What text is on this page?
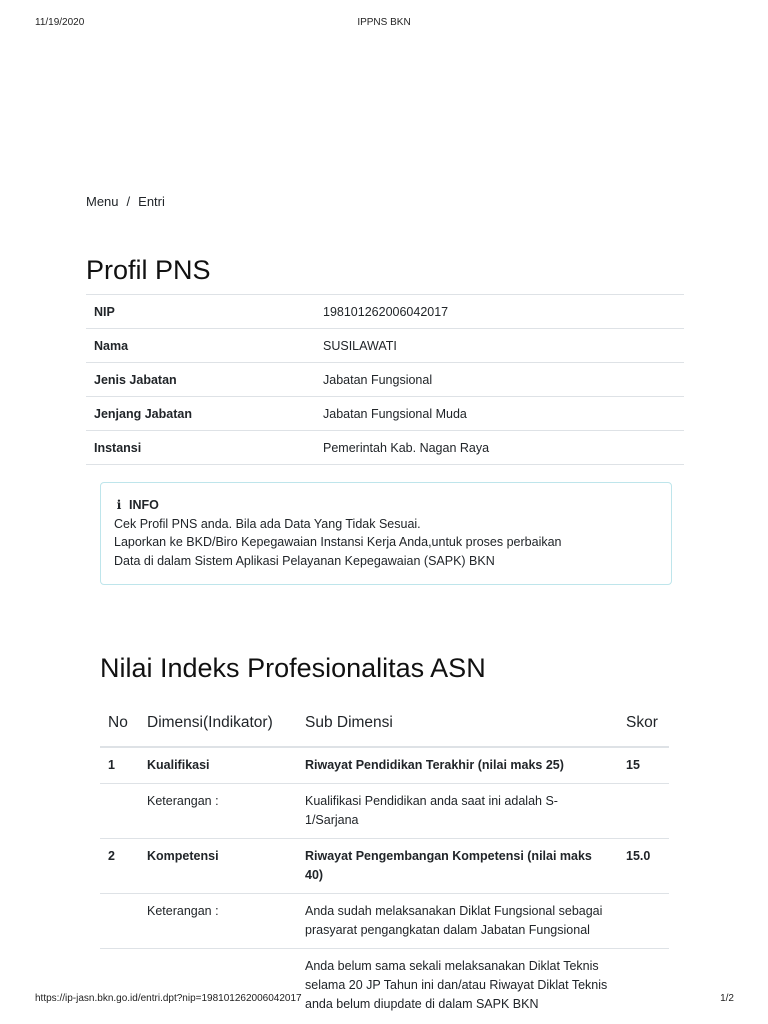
11/19/2020	IPPNS BKN
Menu / Entri
Profil PNS
NIP	198101262006042017
Nama	SUSILAWATI
Jenis Jabatan	Jabatan Fungsional
Jenjang Jabatan	Jabatan Fungsional Muda
Instansi	Pemerintah Kab. Nagan Raya
i INFO
Cek Profil PNS anda. Bila ada Data Yang Tidak Sesuai.
Laporkan ke BKD/Biro Kepegawaian Instansi Kerja Anda,untuk proses perbaikan
Data di dalam Sistem Aplikasi Pelayanan Kepegawaian (SAPK) BKN
Nilai Indeks Profesionalitas ASN
No	Dimensi(Indikator)	Sub Dimensi	Skor
1	Kualifikasi	Riwayat Pendidikan Terakhir (nilai maks 25)	15
	Keterangan :	Kualifikasi Pendidikan anda saat ini adalah S-1/Sarjana	
2	Kompetensi	Riwayat Pengembangan Kompetensi (nilai maks 40)	15.0
	Keterangan :	Anda sudah melaksanakan Diklat Fungsional sebagai prasyarat pengangkatan dalam Jabatan Fungsional	
		Anda belum sama sekali melaksanakan Diklat Teknis selama 20 JP Tahun ini dan/atau Riwayat Diklat Teknis anda belum diupdate di dalam SAPK BKN	
https://ip-jasn.bkn.go.id/entri.dpt?nip=198101262006042017	1/2
